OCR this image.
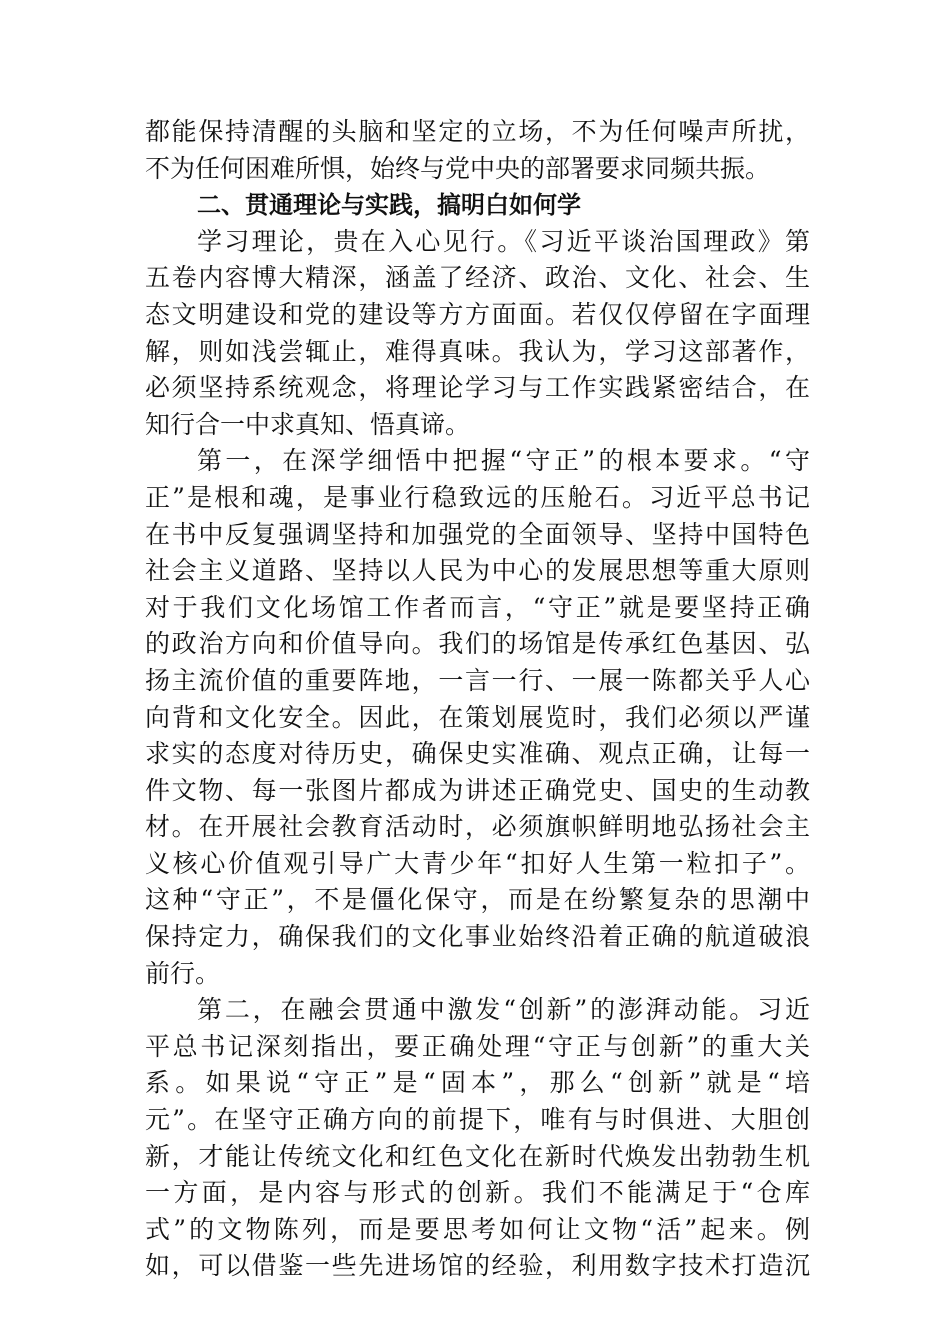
都能保持清醒的头脑和坚定的立场，不为任何噪声所扰，
不为任何困难所惧，始终与党中央的部署要求同频共振。
二、贯通理论与实践，搞明白如何学
学习理论，贵在入心见行。《习近平谈治国理政》第
五卷内容博大精深，涵盖了经济、政治、文化、社会、生
态文明建设和党的建设等方方面面。若仅仅停留在字面理
解，则如浅尝辄止，难得真味。我认为，学习这部著作，
必须坚持系统观念，将理论学习与工作实践紧密结合，在
知行合一中求真知、悟真谛。
第一，在深学细悟中把握“守正”的根本要求。“守
正”是根和魂，是事业行稳致远的压舱石。习近平总书记
在书中反复强调坚持和加强党的全面领导、坚持中国特色
社会主义道路、坚持以人民为中心的发展思想等重大原则
对于我们文化场馆工作者而言，“守正”就是要坚持正确
的政治方向和价值导向。我们的场馆是传承红色基因、弘
扬主流价值的重要阵地，一言一行、一展一陈都关乎人心
向背和文化安全。因此，在策划展览时，我们必须以严谨
求实的态度对待历史，确保史实准确、观点正确，让每一
件文物、每一张图片都成为讲述正确党史、国史的生动教
材。在开展社会教育活动时，必须旗帜鲜明地弘扬社会主
义核心价值观引导广大青少年“扣好人生第一粒扣子”。
这种“守正”，不是僵化保守，而是在纷繁复杂的思潮中
保持定力，确保我们的文化事业始终沿着正确的航道破浪
前行。
第二，在融会贯通中激发“创新”的澎湃动能。习近
平总书记深刻指出，要正确处理“守正与创新”的重大关
系。如果说“守正”是“固本”，那么“创新”就是“培
元”。在坚守正确方向的前提下，唯有与时俱进、大胆创
新，才能让传统文化和红色文化在新时代焕发出勃勃生机
一方面，是内容与形式的创新。我们不能满足于“仓库
式”的文物陈列，而是要思考如何让文物“活”起来。例
如，可以借鉴一些先进场馆的经验，利用数字技术打造沉
